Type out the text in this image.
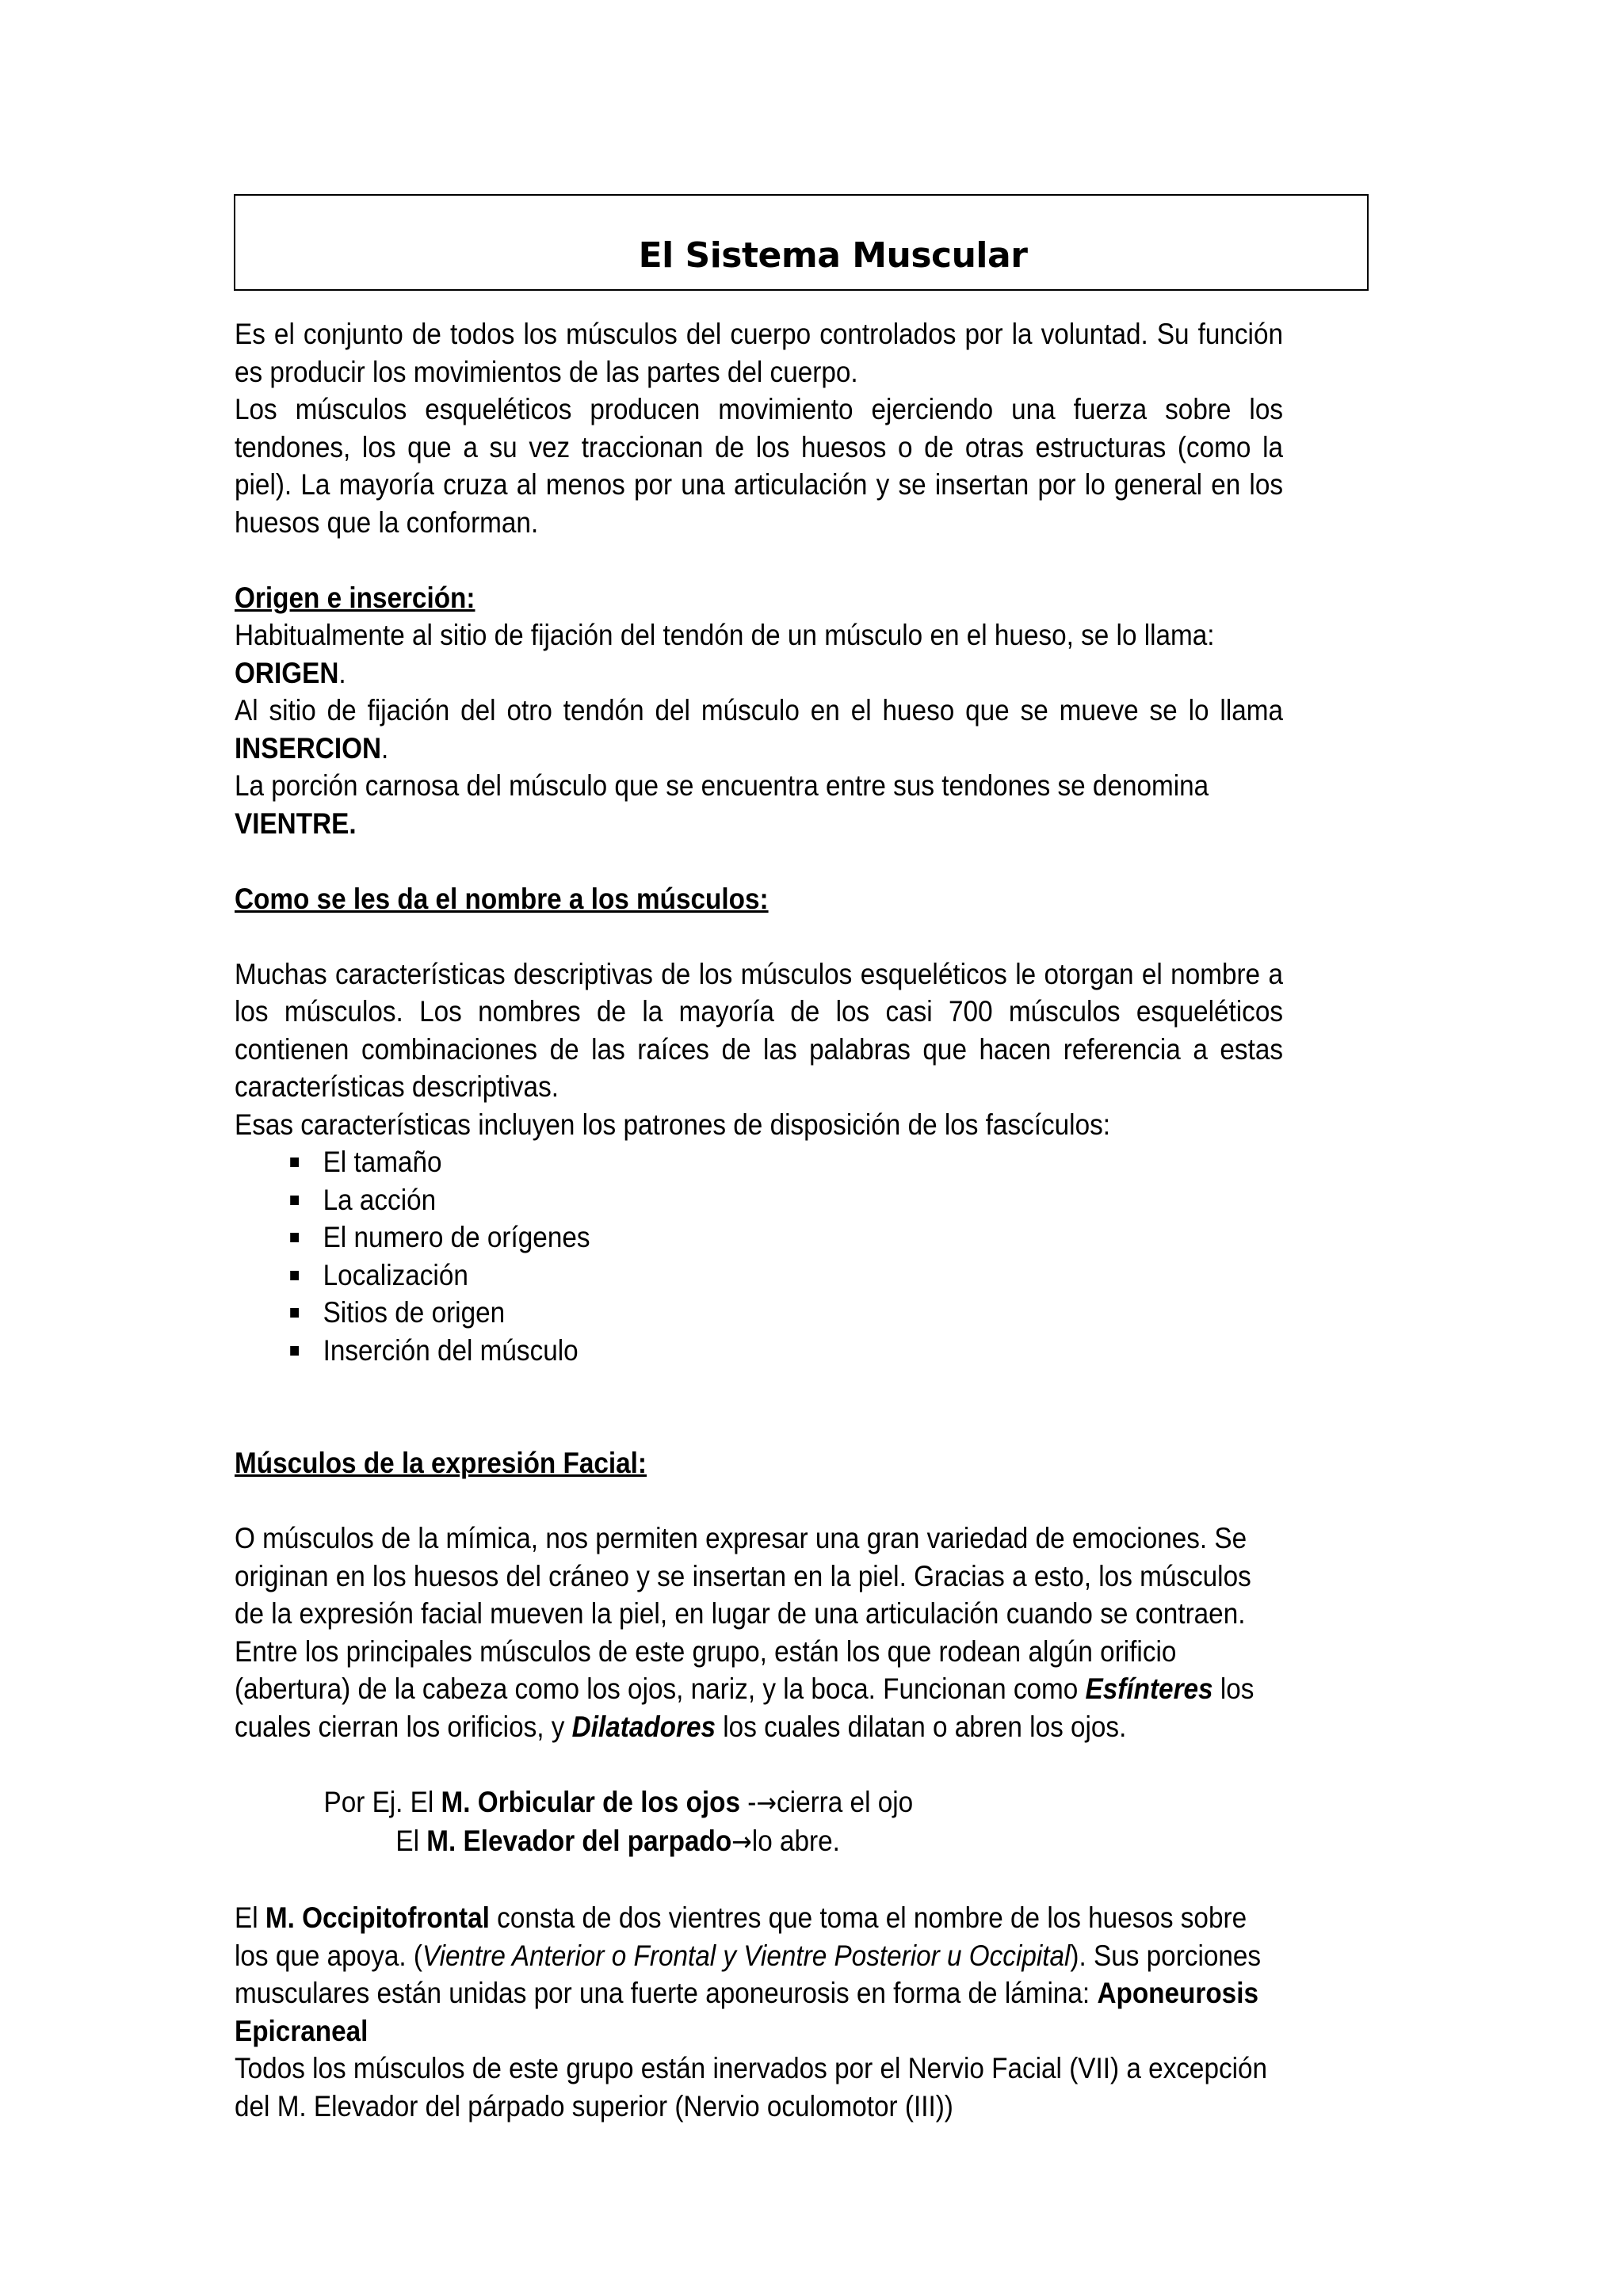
El Sistema Muscular

Es el conjunto de todos los músculos del cuerpo controlados por la voluntad. Su función es producir los movimientos de las partes del cuerpo.

Los músculos esqueléticos producen movimiento ejerciendo una fuerza sobre los tendones, los que a su vez traccionan de los huesos o de otras estructuras (como la piel). La mayoría cruza al menos por una articulación y se insertan por lo general en los huesos que la conforman.

Origen e inserción:

Habitualmente al sitio de fijación del tendón de un músculo en el hueso, se lo llama: ORIGEN.

Al sitio de fijación del otro tendón del músculo en el hueso que se mueve se lo llama INSERCION.

La porción carnosa del músculo que se encuentra entre sus tendones se denomina VIENTRE.

Como se les da el nombre a los músculos:

Muchas características descriptivas de los músculos esqueléticos le otorgan el nombre a los músculos. Los nombres de la mayoría de los casi 700 músculos esqueléticos contienen combinaciones de las raíces de las palabras que hacen referencia a estas características descriptivas.

Esas características incluyen los patrones de disposición de los fascículos:

El tamaño
La acción
El numero de orígenes
Localización
Sitios de origen
Inserción del músculo

Músculos de la expresión Facial:

O músculos de la mímica, nos permiten expresar una gran variedad de emociones. Se originan en los huesos del cráneo y se insertan en la piel. Gracias a esto, los músculos de la expresión facial mueven la piel, en lugar de una articulación cuando se contraen.

Entre los principales músculos de este grupo, están los que rodean algún orificio (abertura) de la cabeza como los ojos, nariz, y la boca. Funcionan como Esfínteres los cuales cierran los orificios, y Dilatadores los cuales dilatan o abren los ojos.

Por Ej. El M. Orbicular de los ojos -→cierra el ojo

El M. Elevador del parpado→lo abre.

El M. Occipitofrontal consta de dos vientres que toma el nombre de los huesos sobre los que apoya. (Vientre Anterior o Frontal y Vientre Posterior u Occipital). Sus porciones musculares están unidas por una fuerte aponeurosis en forma de lámina: Aponeurosis Epicraneal

Todos los músculos de este grupo están inervados por el Nervio Facial (VII) a excepción del M. Elevador del párpado superior (Nervio oculomotor (III))
